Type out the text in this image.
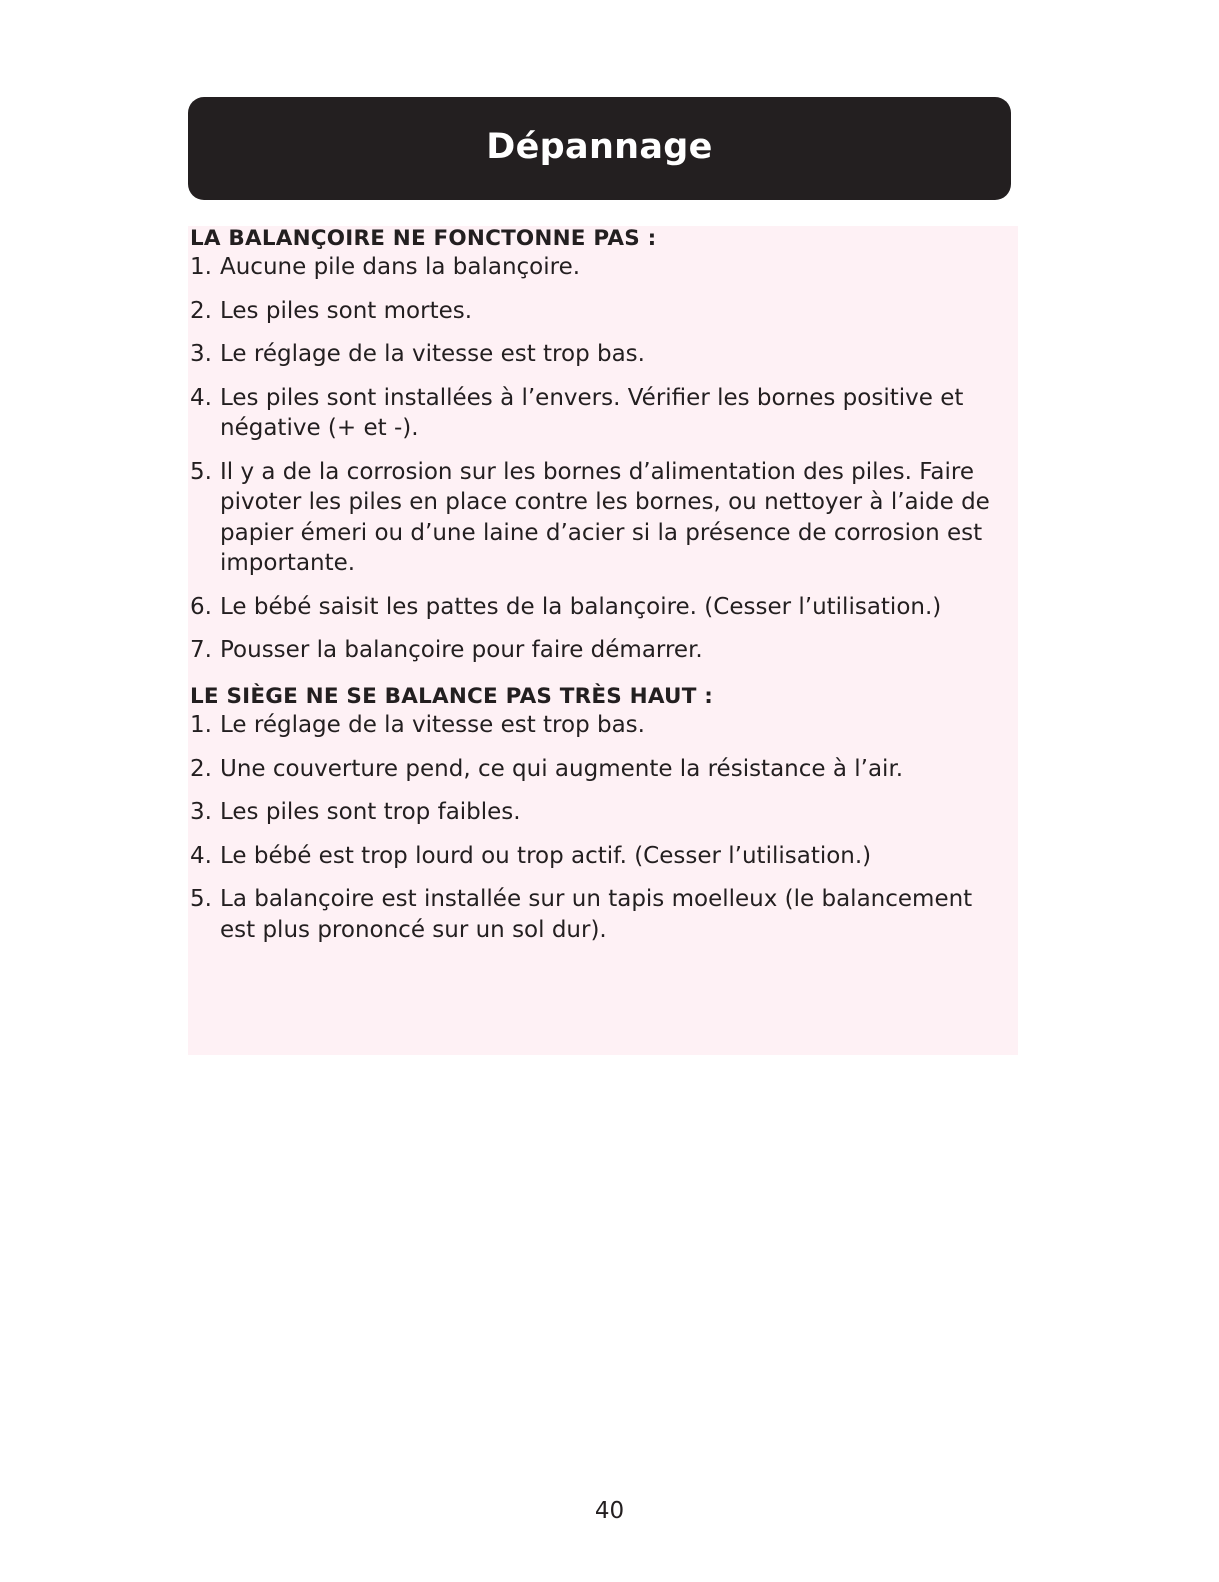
Dépannage
LA BALANÇOIRE NE FONCTONNE PAS :
1. Aucune pile dans la balançoire.
2. Les piles sont mortes.
3. Le réglage de la vitesse est trop bas.
4. Les piles sont installées à l’envers. Vérifier les bornes positive et négative (+ et -).
5. Il y a de la corrosion sur les bornes d’alimentation des piles. Faire pivoter les piles en place contre les bornes, ou nettoyer à l’aide de papier émeri ou d’une laine d’acier si la présence de corrosion est importante.
6. Le bébé saisit les pattes de la balançoire. (Cesser l’utilisation.)
7. Pousser la balançoire pour faire démarrer.
LE SIÈGE NE SE BALANCE PAS TRÈS HAUT :
1. Le réglage de la vitesse est trop bas.
2. Une couverture pend, ce qui augmente la résistance à l’air.
3. Les piles sont trop faibles.
4. Le bébé est trop lourd ou trop actif. (Cesser l’utilisation.)
5. La balançoire est installée sur un tapis moelleux (le balancement est plus prononcé sur un sol dur).
40
